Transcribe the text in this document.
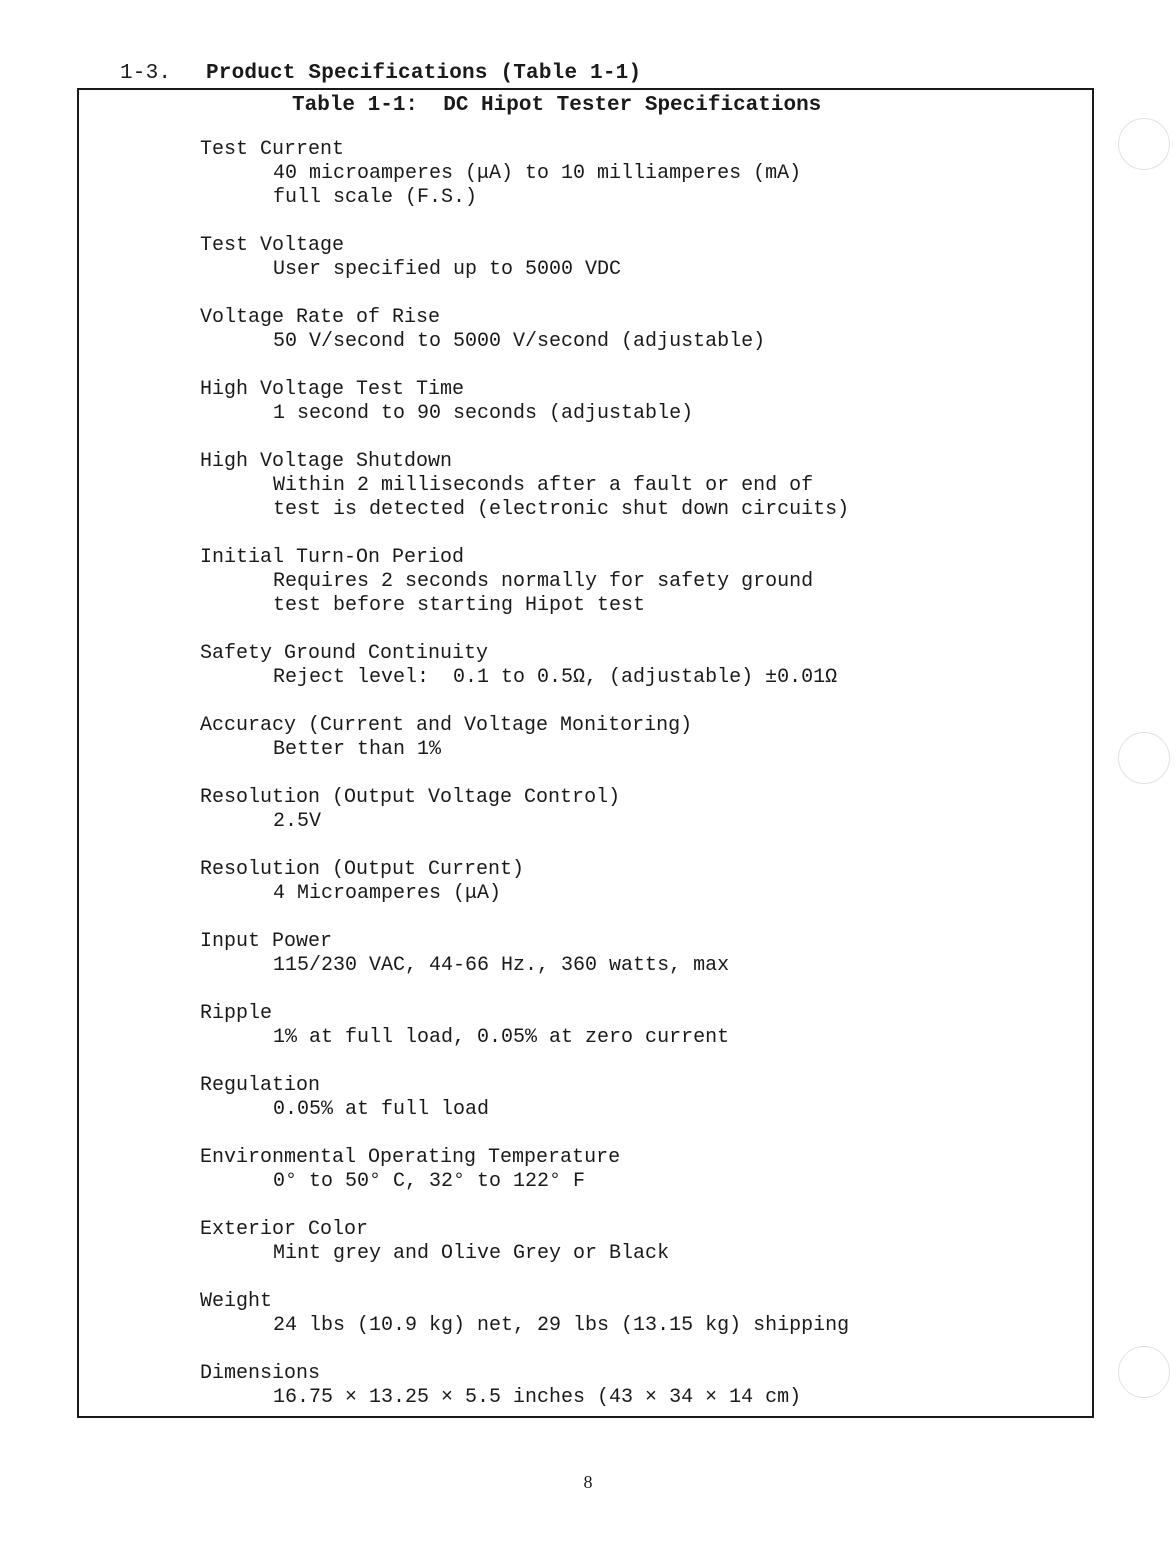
1-3. Product Specifications (Table 1-1)
Table 1-1:  DC Hipot Tester Specifications
Test Current
40 microamperes (μA) to 10 milliamperes (mA)
full scale (F.S.)
Test Voltage
User specified up to 5000 VDC
Voltage Rate of Rise
50 V/second to 5000 V/second (adjustable)
High Voltage Test Time
1 second to 90 seconds (adjustable)
High Voltage Shutdown
Within 2 milliseconds after a fault or end of
test is detected (electronic shut down circuits)
Initial Turn-On Period
Requires 2 seconds normally for safety ground
test before starting Hipot test
Safety Ground Continuity
Reject level:  0.1 to 0.5Ω, (adjustable) ±0.01Ω
Accuracy (Current and Voltage Monitoring)
Better than 1%
Resolution (Output Voltage Control)
2.5V
Resolution (Output Current)
4 Microamperes (μA)
Input Power
115/230 VAC, 44-66 Hz., 360 watts, max
Ripple
1% at full load, 0.05% at zero current
Regulation
0.05% at full load
Environmental Operating Temperature
0° to 50° C, 32° to 122° F
Exterior Color
Mint grey and Olive Grey or Black
Weight
24 lbs (10.9 kg) net, 29 lbs (13.15 kg) shipping
Dimensions
16.75 × 13.25 × 5.5 inches (43 × 34 × 14 cm)
8
